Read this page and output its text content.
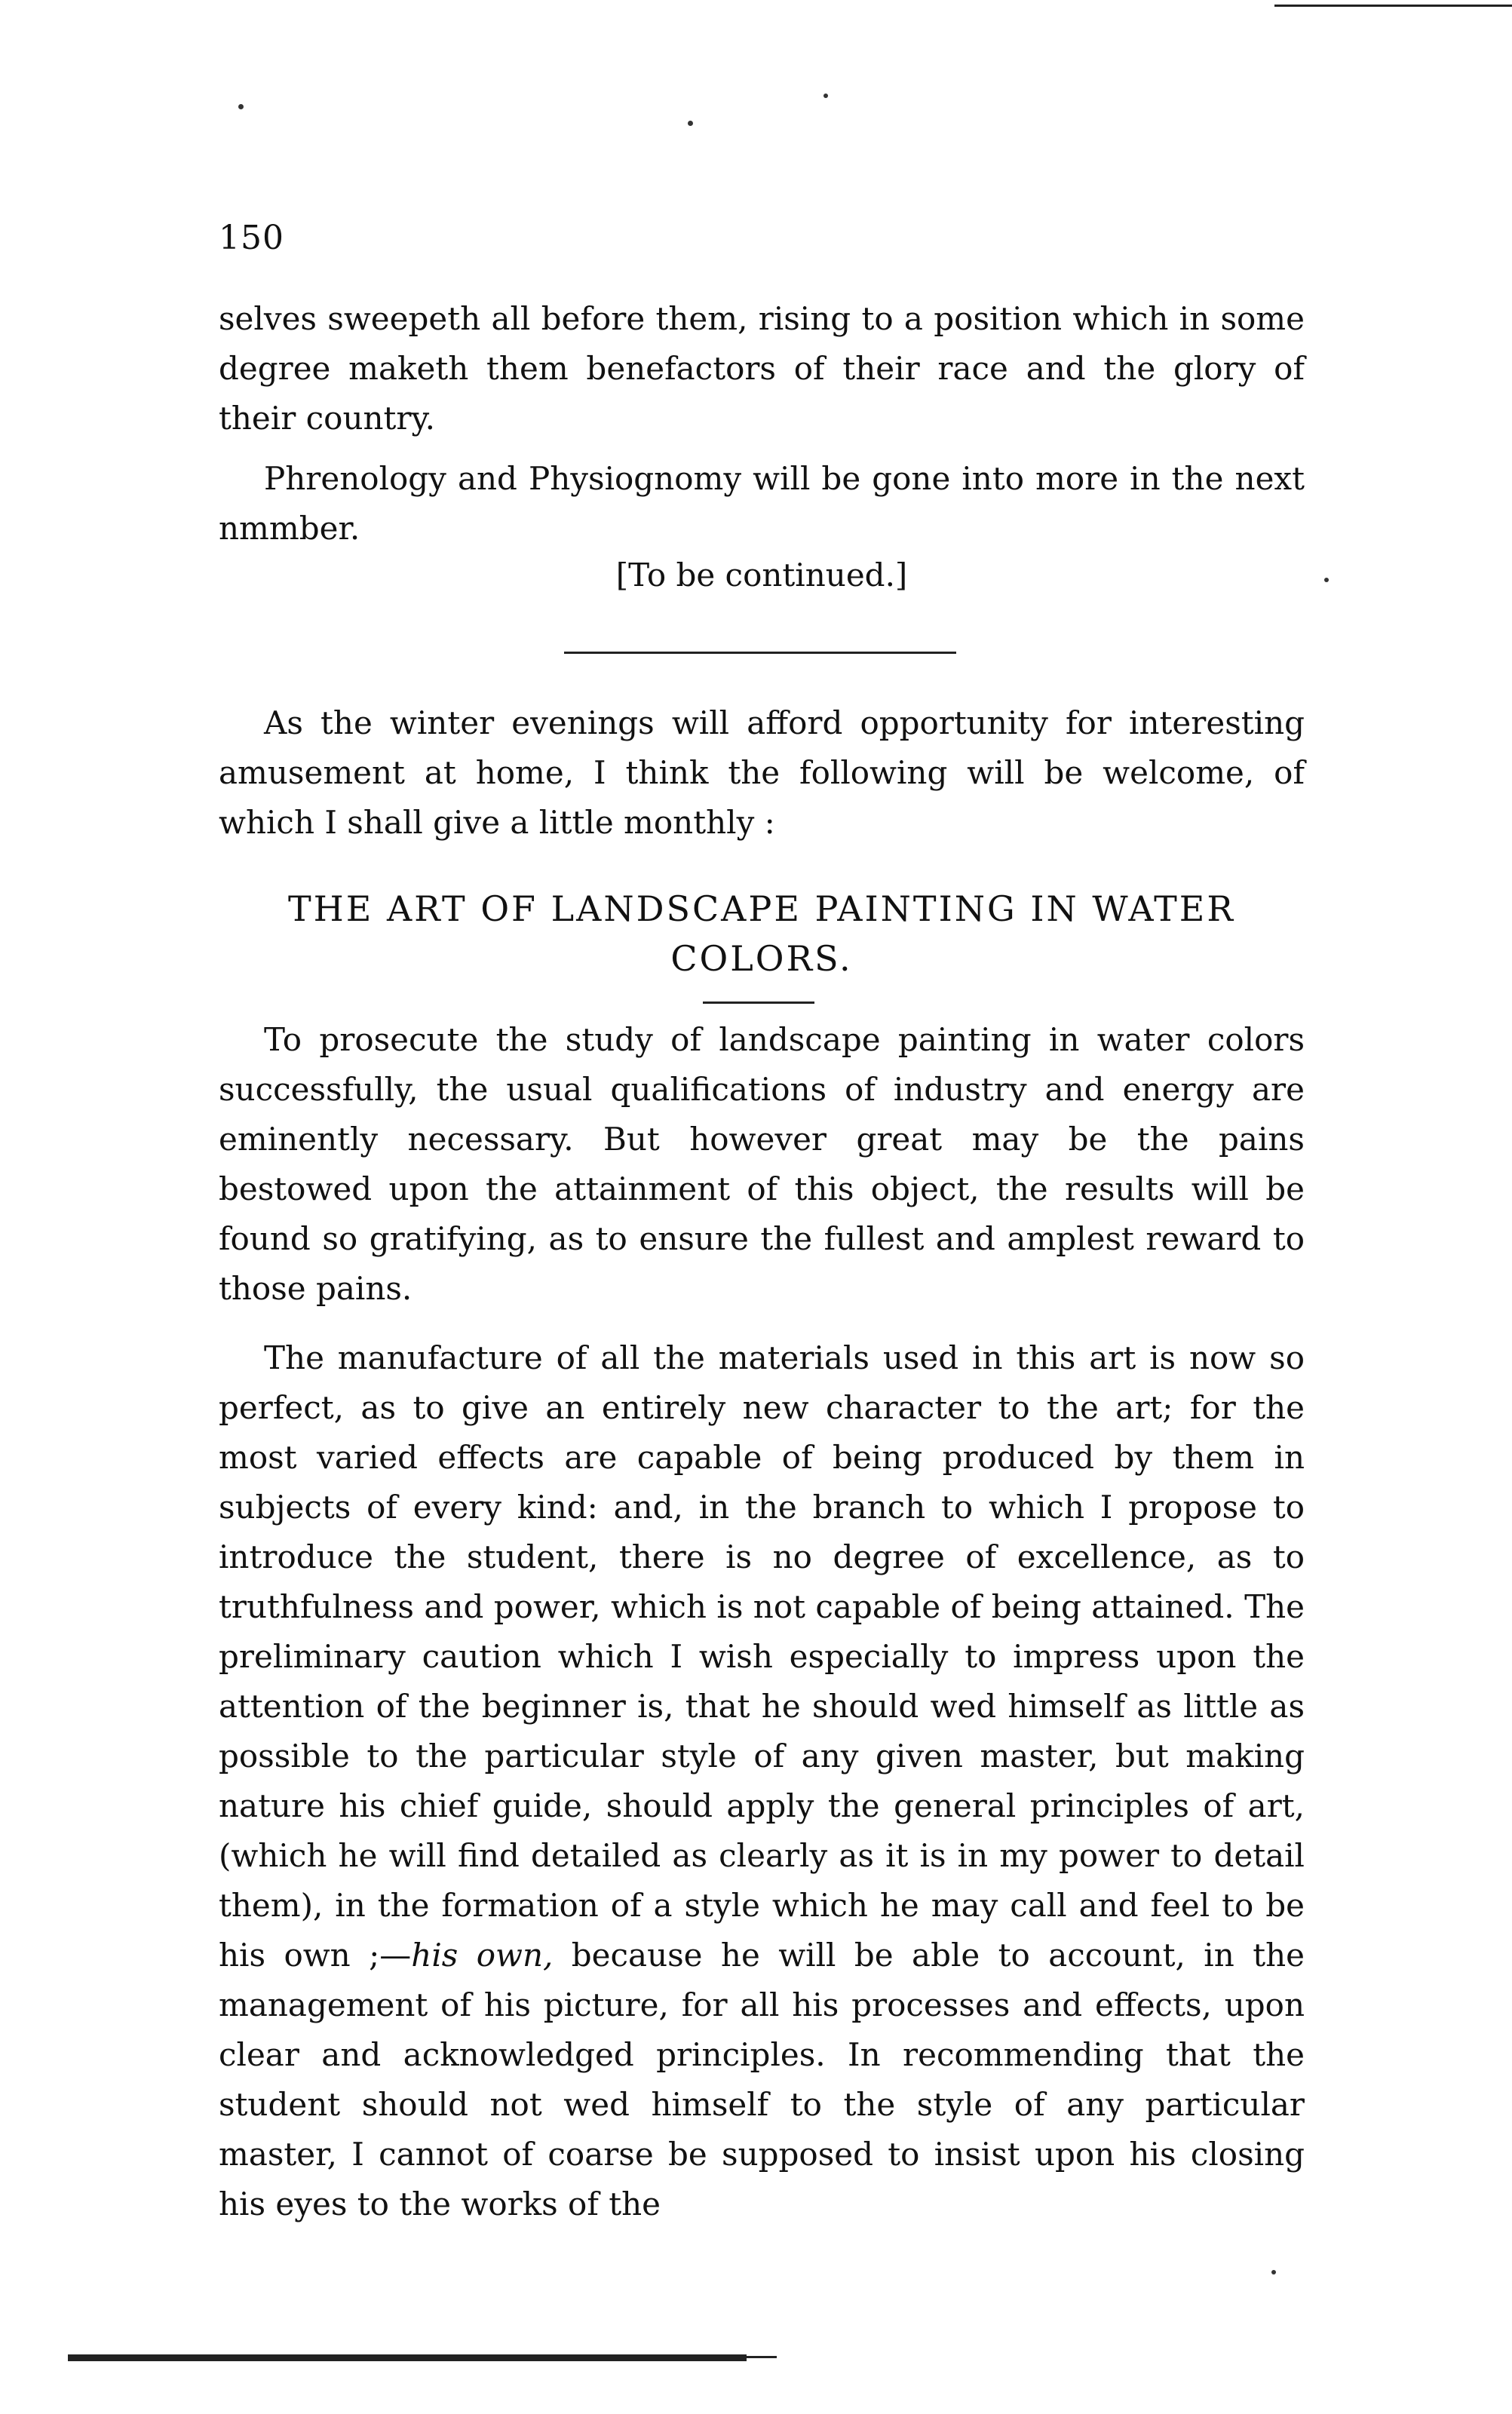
150

selves sweepeth all before them, rising to a position which in some degree maketh them benefactors of their race and the glory of their country.

Phrenology and Physiognomy will be gone into more in the next nmmber.

[To be continued.]

As the winter evenings will afford opportunity for interesting amusement at home, I think the following will be welcome, of which I shall give a little monthly :

THE ART OF LANDSCAPE PAINTING IN WATER
COLORS.

To prosecute the study of landscape painting in water colors successfully, the usual qualifications of industry and energy are eminently necessary. But however great may be the pains bestowed upon the attainment of this object, the results will be found so gratifying, as to ensure the fullest and amplest reward to those pains.

The manufacture of all the materials used in this art is now so perfect, as to give an entirely new character to the art; for the most varied effects are capable of being produced by them in subjects of every kind: and, in the branch to which I propose to introduce the student, there is no degree of excellence, as to truthfulness and power, which is not capable of being attained. The preliminary caution which I wish especially to impress upon the attention of the beginner is, that he should wed himself as little as possible to the particular style of any given master, but making nature his chief guide, should apply the general principles of art, (which he will find detailed as clearly as it is in my power to detail them), in the formation of a style which he may call and feel to be his own ;—his own, because he will be able to account, in the management of his picture, for all his processes and effects, upon clear and acknowledged principles. In recommending that the student should not wed himself to the style of any particular master, I cannot of coarse be supposed to insist upon his closing his eyes to the works of the
